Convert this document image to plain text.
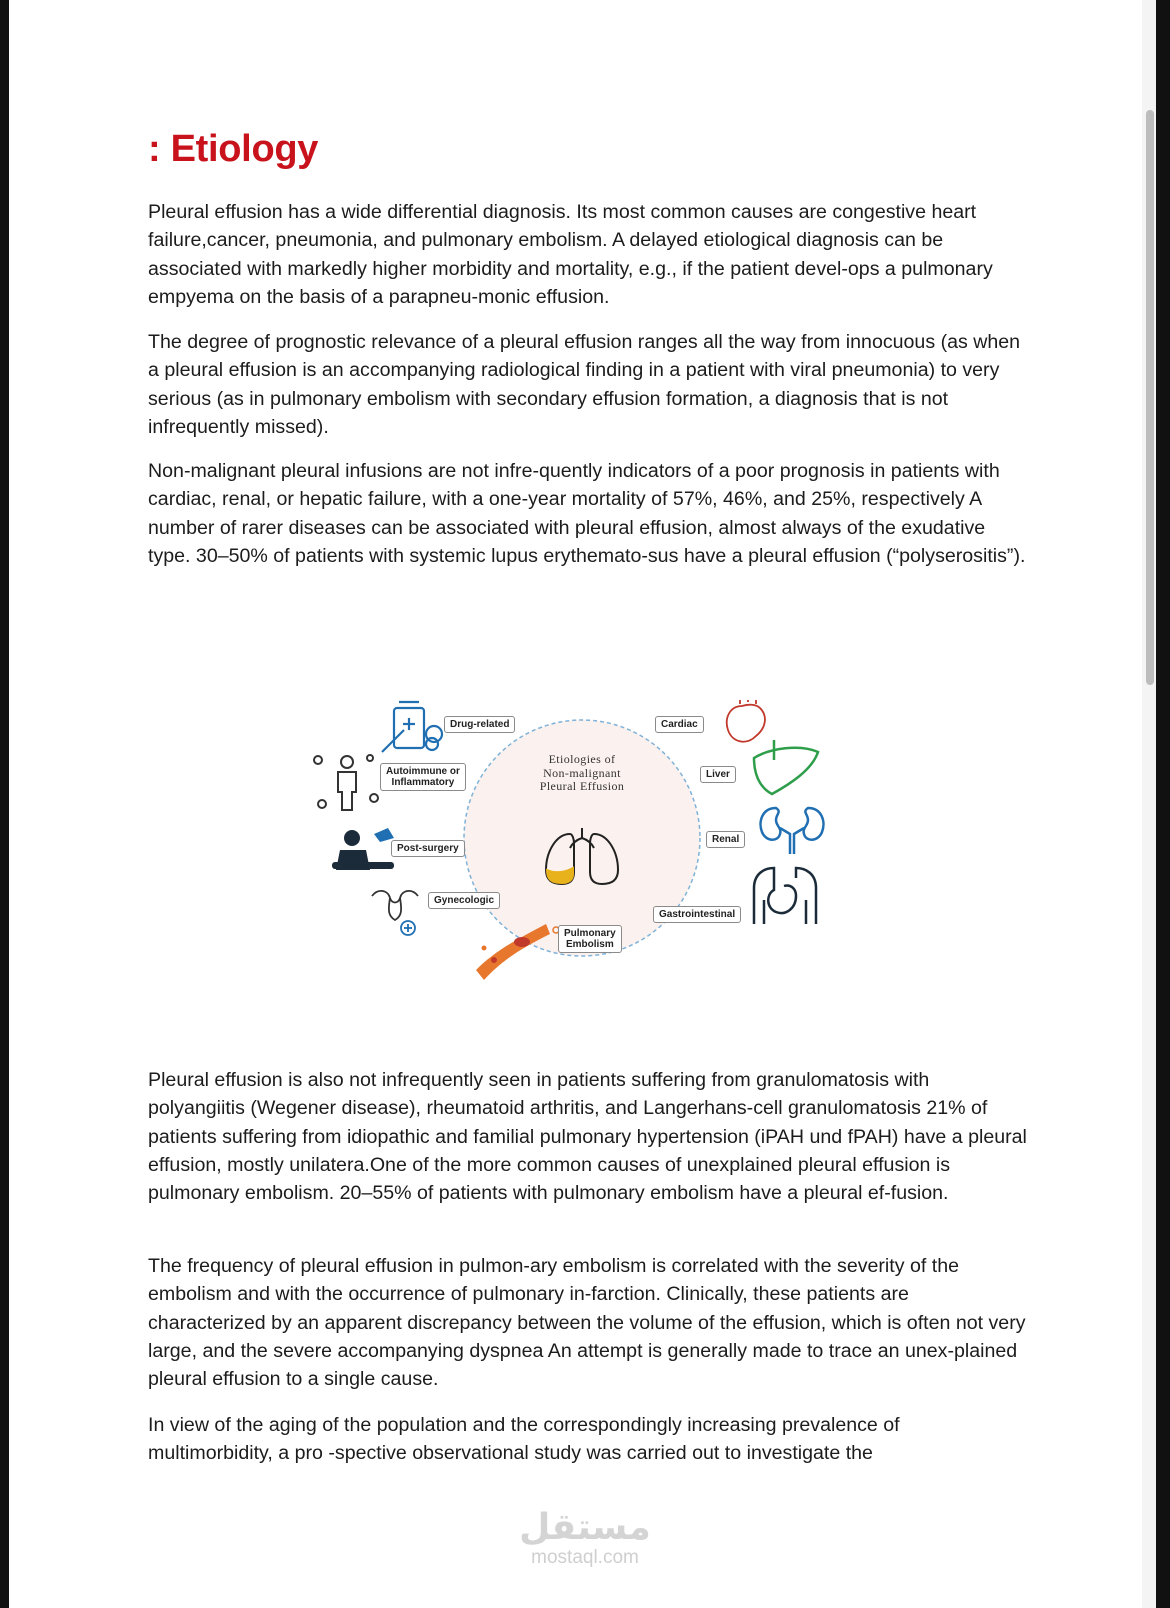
: Etiology

Pleural effusion has a wide differential diagnosis. Its most common causes are congestive heart failure,cancer, pneumonia, and pulmonary embolism. A delayed etiological diagnosis can be associated with markedly higher morbidity and mortality, e.g., if the patient devel-ops a pulmonary empyema on the basis of a parapneu-monic effusion.

The degree of prognostic relevance of a pleural effusion ranges all the way from innocuous (as when a pleural effusion is an accompanying radiological finding in a patient with viral pneumonia) to very serious (as in pulmonary embolism with secondary effusion formation, a diagnosis that is not infrequently missed).

Non-malignant pleural infusions are not infre-quently indicators of a poor prognosis in patients with cardiac, renal, or hepatic failure, with a one-year mortality of 57%, 46%, and 25%, respectively A number of rarer diseases can be associated with pleural effusion, almost always of the exudative type. 30–50% of patients with systemic lupus erythemato-sus have a pleural effusion (“polyserositis”).

Pleural effusion is also not infrequently seen in patients suffering from granulomatosis with polyangiitis (Wegener disease), rheumatoid arthritis, and Langerhans-cell granulomatosis 21% of patients suffering from idiopathic and familial pulmonary hypertension (iPAH und fPAH) have a pleural effusion, mostly unilatera.One of the more common causes of unexplained pleural effusion is pulmonary embolism. 20–55% of patients with pulmonary embolism have a pleural ef-fusion.

The frequency of pleural effusion in pulmon-ary embolism is correlated with the severity of the embolism and with the occurrence of pulmonary in-farction. Clinically, these patients are characterized by an apparent discrepancy between the volume of the effusion, which is often not very large, and the severe accompanying dyspnea An attempt is generally made to trace an unex-plained pleural effusion to a single cause.

In view of the aging of the population and the correspondingly increasing prevalence of multimorbidity, a pro -spective observational study was carried out to investigate the

Drug-related
Autoimmune or
Inflammatory
Post-surgery
Gynecologic
Pulmonary
Embolism
Cardiac
Liver
Renal
Gastrointestinal
Etiologies of
Non-malignant
Pleural Effusion
مستقل
mostaql.com
